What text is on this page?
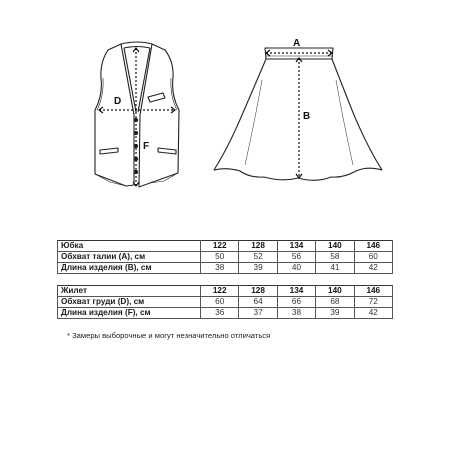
D
F
A
B
Юбка	122	128	134	140	146
Обхват талии (А), см	50	52	56	58	60
Длина изделия (В), см	38	39	40	41	42
Жилет	122	128	134	140	146
Обхват груди (D), см	60	64	66	68	72
Длина изделия (F), см	36	37	38	39	42
* Замеры выборочные и могут незначительно отличаться
